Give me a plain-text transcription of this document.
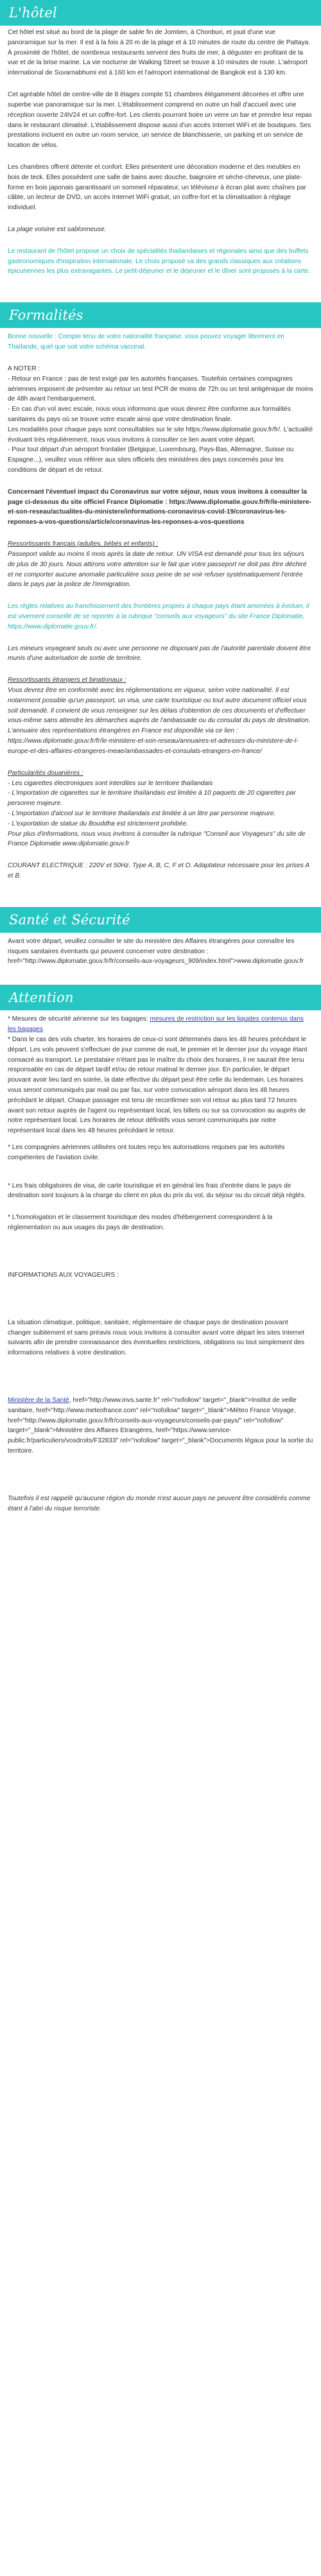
L'hôtel

Cet hôtel est situé au bord de la plage de sable fin de Jomtien, à Chonburi, et jouit d'une vue panoramique sur la mer. Il est à la fois à 20 m de la plage et à 10 minutes de route du centre de Pattaya. À proximité de l'hôtel, de nombreux restaurants servent des fruits de mer, à déguster en profitant de la vue et de la brise marine. La vie nocturne de Walking Street se trouve à 10 minutes de route. L'aéroport international de Suvarnabhumi est à 160 km et l'aéroport international de Bangkok est à 130 km.

Cet agréable hôtel de centre-ville de 8 étages compte 51 chambres élégamment décorées et offre une superbe vue panoramique sur la mer. L'établissement comprend en outre un hall d'accueil avec une réception ouverte 24h/24 et un coffre-fort. Les clients pourront boire un verre un bar et prendre leur repas dans le restaurant climatisé. L'établissement dispose aussi d'un accès Internet WiFi et de boutiques. Ses prestations incluent en outre un room service, un service de blanchisserie, un parking et un service de location de vélos.

Les chambres offrent détente et confort. Elles présentent une décoration moderne et des meubles en bois de teck. Elles possèdent une salle de bains avec douche, baignoire et sèche-cheveux, une plate-forme en bois japonais garantissant un sommeil réparateur, un téléviseur à écran plat avec chaînes par câble, un lecteur de DVD, un accès Internet WiFi gratuit, un coffre-fort et la climatisation à réglage individuel.

La plage voisine est sablonneuse.

Le restaurant de l'hôtel propose un choix de spécialités thaïlandaises et régionales ainsi que des buffets gastronomiques d'inspiration internationale. Le choix proposé va des grands classiques aux créations épicuriennes les plus extravagantes. Le petit-déjeuner et le déjeuner et le dîner sont proposés à la carte.

Formalités

Bonne nouvelle : Compte tenu de votre nationalité française, vous pouvez voyager librement en Thaïlande, quel que soit votre schéma vaccinal.

A NOTER :

- Retour en France : pas de test exigé par les autorités françaises. Toutefois certaines compagnies aériennes imposent de présenter au retour un test PCR de moins de 72h ou un test antigénique de moins de 48h avant l'embarquement.

- En cas d'un vol avec escale, nous vous informons que vous devrez être conforme aux formalités sanitaires du pays où se trouve votre escale ainsi que votre destination finale.

Les modalités pour chaque pays sont consultables sur le site https://www.diplomatie.gouv.fr/fr/. L'actualité évoluant très régulièrement, nous vous invitons à consulter ce lien avant votre départ.

- Pour tout départ d'un aéroport frontalier (Belgique, Luxembourg, Pays-Bas, Allemagne, Suisse ou Espagne...), veuillez vous référer aux sites officiels des ministères des pays concernés pour les conditions de départ et de retour.

Concernant l'éventuel impact du Coronavirus sur votre séjour, nous vous invitons à consulter la page ci-dessous du site officiel France Diplomatie : https://www.diplomatie.gouv.fr/fr/le-ministere-et-son-reseau/actualites-du-ministere/informations-coronavirus-covid-19/coronavirus-les-reponses-a-vos-questions/article/coronavirus-les-reponses-a-vos-questions

Ressortissants français (adultes, bébés et enfants) :

Passeport valide au moins 6 mois après la date de retour. UN VISA est demandé pour tous les séjours de plus de 30 jours. Nous attirons votre attention sur le fait que votre passeport ne doit pas être déchiré et ne comporter aucune anomalie particulière sous peine de se voir refuser systématiquement l'entrée dans le pays par la police de l'immigration.

Les règles relatives au franchissement des frontières propres à chaque pays étant amenées à évoluer, il est vivement conseillé de se reporter à la rubrique "conseils aux voyageurs" du site France Diplomatie, https://www.diplomatie.gouv.fr/.

Les mineurs voyageant seuls ou avec une personne ne disposant pas de l'autorité parentale doivent être munis d'une autorisation de sortie de territoire.

Ressortissants étrangers et binationaux :

Vous devrez être en conformité avec les réglementations en vigueur, selon votre nationalité. Il est notamment possible qu'un passeport, un visa, une carte touristique ou tout autre document officiel vous soit demandé. Il convient de vous renseigner sur les délais d'obtention de ces documents et d'effectuer vous-même sans attendre les démarches auprès de l'ambassade ou du consulat du pays de destination.

L'annuaire des représentations étrangères en France est disponible via ce lien : https://www.diplomatie.gouv.fr/fr/le-ministere-et-son-reseau/annuaires-et-adresses-du-ministere-de-l-europe-et-des-affaires-etrangeres-meae/ambassades-et-consulats-etrangers-en-france/

Particularités douanières :

- Les cigarettes électroniques sont interdites sur le territoire thaïlandais

- L'importation de cigarettes sur le territoire thaïlandais est limitée à 10 paquets de 20 cigarettes par personne majeure.

- L'importation d'alcool sur le territoire thaïlandais est limitée à un litre par personne majeure.

- L'exportation de statue du Bouddha est strictement prohibée.

Pour plus d'informations, nous vous invitons à consulter la rubrique "Conseil aux Voyageurs" du site de France Diplomatie www.diplomatie.gouv.fr

COURANT ELECTRIQUE : 220V et 50Hz. Type A, B, C, F et O. Adaptateur nécessaire pour les prises A et B.

Santé et Sécurité

Avant votre départ, veuillez consulter le site du ministère des Affaires étrangères pour connaître les risques sanitaires éventuels qui peuvent concerner votre destination : href="http://www.diplomatie.gouv.fr/fr/conseils-aux-voyageurs_909/index.html">www.diplomatie.gouv.fr

Attention

* Mesures de sécurité aérienne sur les bagages: mesures de restriction sur les liquides contenus dans les bagages

* Dans le cas des vols charter, les horaires de ceux-ci sont déterminés dans les 48 heures précédant le départ. Les vols peuvent s'effectuer de jour comme de nuit, le premier et le dernier jour du voyage étant consacré au transport. Le prestataire n'étant pas le maître du choix des horaires, il ne saurait être tenu responsable en cas de départ tardif et/ou de retour matinal le dernier jour. En particulier, le départ pouvant avoir lieu tard en soirée, la date effective du départ peut être celle du lendemain. Les horaires vous seront communiqués par mail ou par fax, sur votre convocation aéroport dans les 48 heures précédant le départ. Chaque passager est tenu de reconfirmer son vol retour au plus tard 72 heures avant son retour auprès de l'agent ou représentant local, les billets ou sur sa convocation au auprès de notre représentant local. Les horaires de retour définitifs vous seront communiqués par notre représentant local dans les 48 heures précédant le retour.

* Les compagnies aériennes utilisées ont toutes reçu les autorisations requises par les autorités compétentes de l'aviation civile.

* Les frais obligatoires de visa, de carte touristique et en général les frais d'entrée dans le pays de destination sont toujours à la charge du client en plus du prix du vol, du séjour ou du circuit déjà réglés.

* L'homologation et le classement touristique des modes d'hébergement correspondent à la réglementation ou aux usages du pays de destination.

INFORMATIONS AUX VOYAGEURS :

La situation climatique, politique, sanitaire, réglementaire de chaque pays de destination pouvant changer subitement et sans préavis nous vous invitons à consulter avant votre départ les sites Internet suivants afin de prendre connaissance des éventuelles restrictions, obligations ou tout simplement des informations relatives à votre destination.

Ministère de la Santé, href="http://www.invs.sante.fr" rel="nofollow" target="_blank">Institut de veille sanitaire, href="http://www.meteofrance.com" rel="nofollow" target="_blank">Méteo France Voyage, href="http://www.diplomatie.gouv.fr/fr/conseils-aux-voyageurs/conseils-par-pays/" rel="nofollow" target="_blank">Ministère des Affaires Etrangères, href="https://www.service-public.fr/particuliers/vosdroits/F32833" rel="nofollow" target="_blank">Documents légaux pour la sortie du territoire.

Toutefois il est rappelé qu'aucune région du monde n'est aucun pays ne peuvent être considérés comme étant à l'abri du risque terroriste.
